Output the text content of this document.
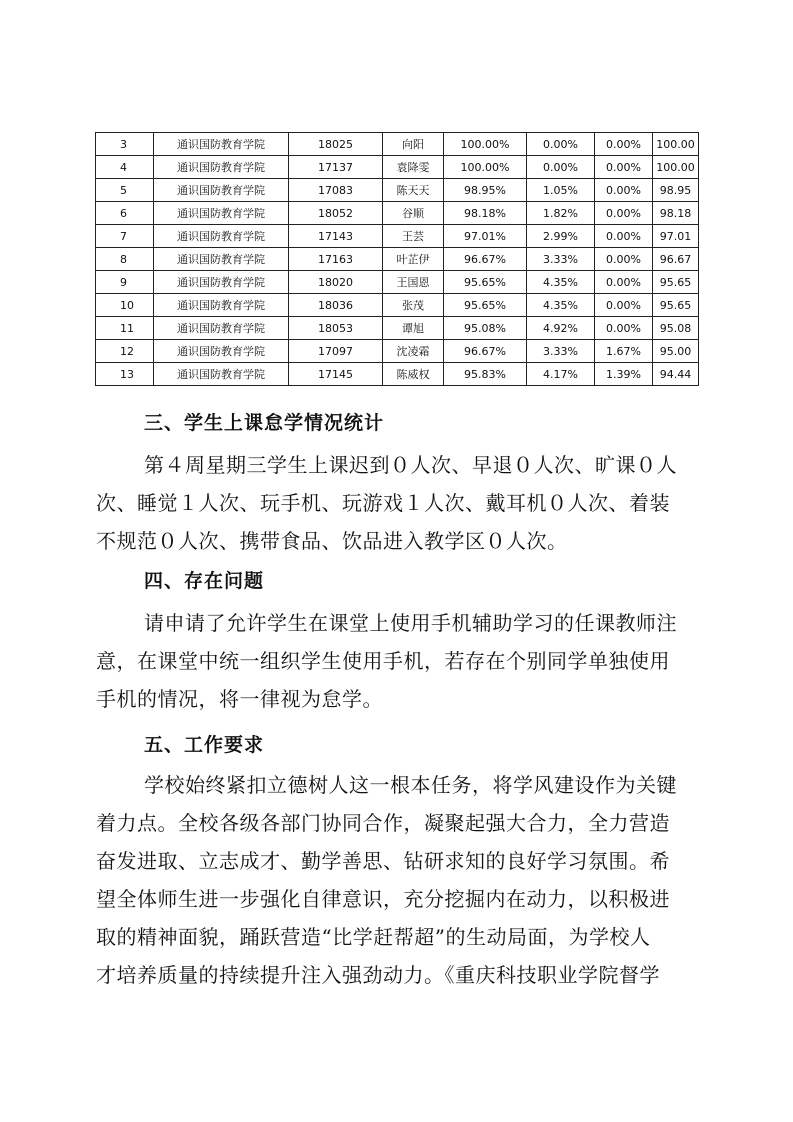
3	通识国防教育学院	18025	向阳	100.00%	0.00%	0.00%	100.00
4	通识国防教育学院	17137	袁降雯	100.00%	0.00%	0.00%	100.00
5	通识国防教育学院	17083	陈天天	98.95%	1.05%	0.00%	98.95
6	通识国防教育学院	18052	谷顺	98.18%	1.82%	0.00%	98.18
7	通识国防教育学院	17143	王芸	97.01%	2.99%	0.00%	97.01
8	通识国防教育学院	17163	叶芷伊	96.67%	3.33%	0.00%	96.67
9	通识国防教育学院	18020	王国恩	95.65%	4.35%	0.00%	95.65
10	通识国防教育学院	18036	张茂	95.65%	4.35%	0.00%	95.65
11	通识国防教育学院	18053	谭旭	95.08%	4.92%	0.00%	95.08
12	通识国防教育学院	17097	沈凌霜	96.67%	3.33%	1.67%	95.00
13	通识国防教育学院	17145	陈威权	95.83%	4.17%	1.39%	94.44
三、学生上课怠学情况统计
第４周星期三学生上课迟到０人次、早退０人次、旷课０人
次、睡觉１人次、玩手机、玩游戏１人次、戴耳机０人次、着装
不规范０人次、携带食品、饮品进入教学区０人次。
四、存在问题
请申请了允许学生在课堂上使用手机辅助学习的任课教师注
意，在课堂中统一组织学生使用手机，若存在个别同学单独使用
手机的情况，将一律视为怠学。
五、工作要求
学校始终紧扣立德树人这一根本任务，将学风建设作为关键
着力点。全校各级各部门协同合作，凝聚起强大合力，全力营造
奋发进取、立志成才、勤学善思、钻研求知的良好学习氛围。希
望全体师生进一步强化自律意识，充分挖掘内在动力，以积极进
取的精神面貌，踊跃营造“比学赶帮超”的生动局面，为学校人
才培养质量的持续提升注入强劲动力。《重庆科技职业学院督学
